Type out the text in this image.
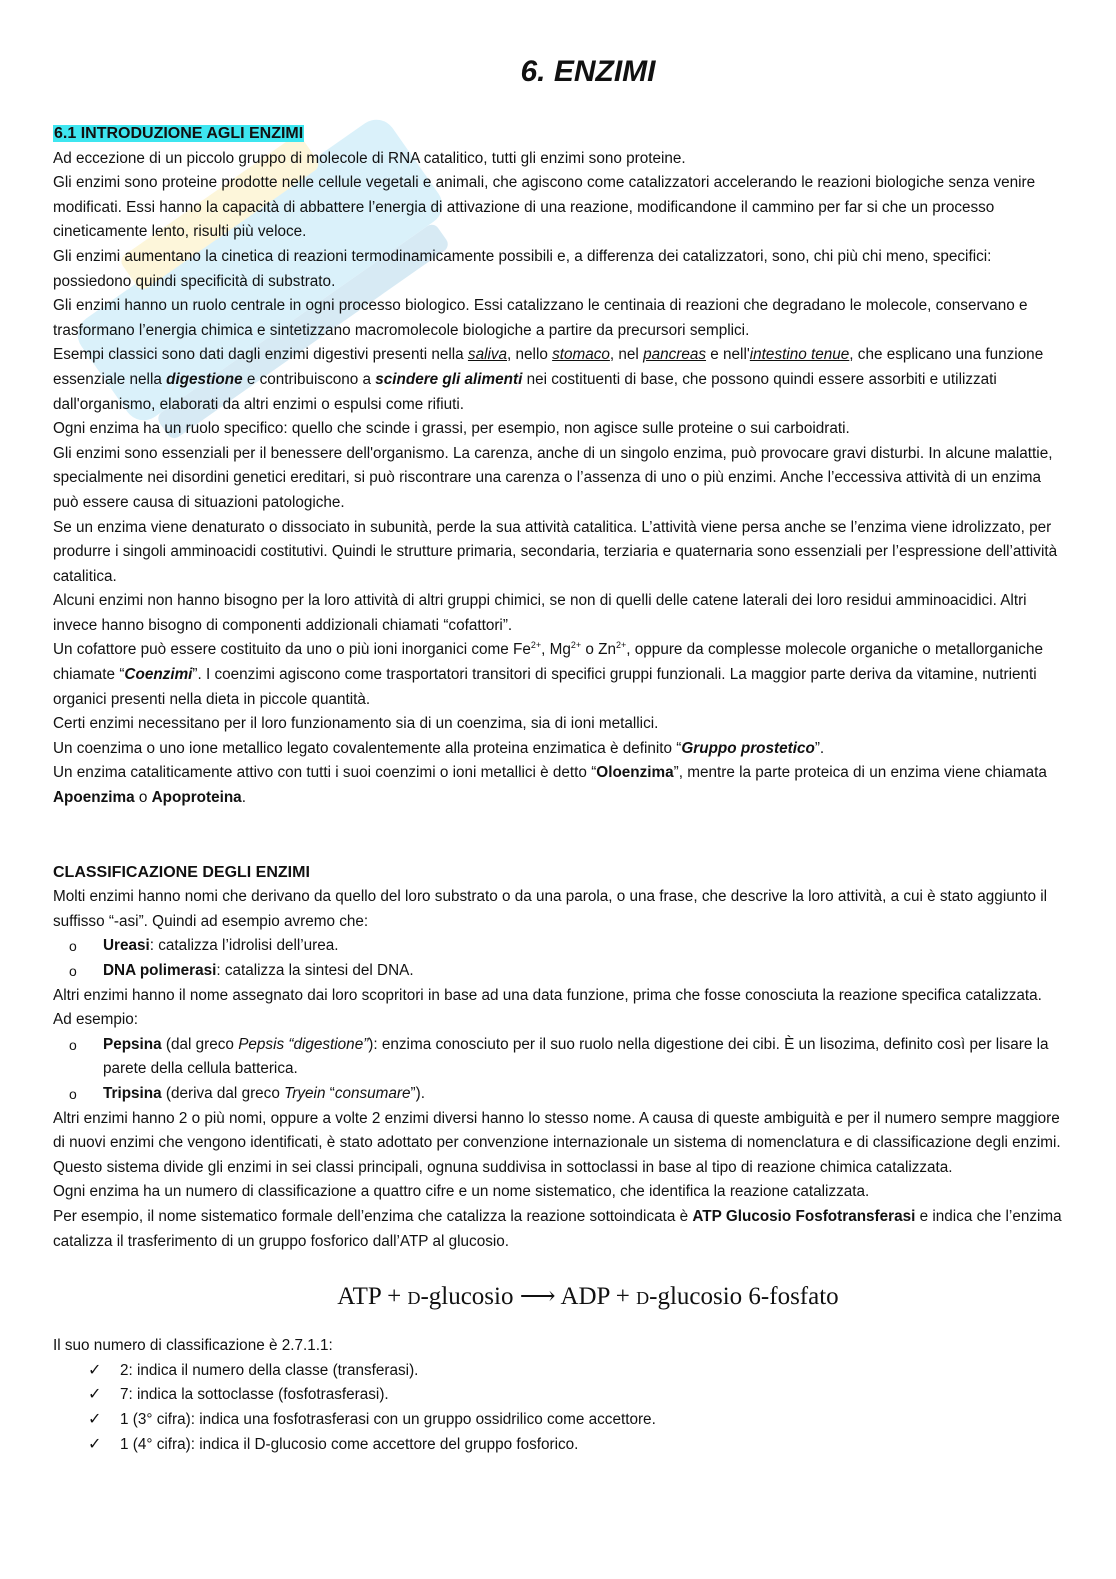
6. ENZIMI
6.1 INTRODUZIONE AGLI ENZIMI

Ad eccezione di un piccolo gruppo di molecole di RNA catalitico, tutti gli enzimi sono proteine.

Gli enzimi sono proteine prodotte nelle cellule vegetali e animali, che agiscono come catalizzatori accelerando le reazioni biologiche senza venire modificati. Essi hanno la capacità di abbattere l’energia di attivazione di una reazione, modificandone il cammino per far si che un processo cineticamente lento, risulti più veloce.

Gli enzimi aumentano la cinetica di reazioni termodinamicamente possibili e, a differenza dei catalizzatori, sono, chi più chi meno, specifici: possiedono quindi specificità di substrato.

Gli enzimi hanno un ruolo centrale in ogni processo biologico. Essi catalizzano le centinaia di reazioni che degradano le molecole, conservano e trasformano l’energia chimica e sintetizzano macromolecole biologiche a partire da precursori semplici.

Esempi classici sono dati dagli enzimi digestivi presenti nella saliva, nello stomaco, nel pancreas e nell'intestino tenue, che esplicano una funzione essenziale nella digestione e contribuiscono a scindere gli alimenti nei costituenti di base, che possono quindi essere assorbiti e utilizzati dall'organismo, elaborati da altri enzimi o espulsi come rifiuti.

Ogni enzima ha un ruolo specifico: quello che scinde i grassi, per esempio, non agisce sulle proteine o sui carboidrati.

Gli enzimi sono essenziali per il benessere dell'organismo. La carenza, anche di un singolo enzima, può provocare gravi disturbi. In alcune malattie, specialmente nei disordini genetici ereditari, si può riscontrare una carenza o l’assenza di uno o più enzimi. Anche l’eccessiva attività di un enzima può essere causa di situazioni patologiche.

Se un enzima viene denaturato o dissociato in subunità, perde la sua attività catalitica. L’attività viene persa anche se l’enzima viene idrolizzato, per produrre i singoli amminoacidi costitutivi. Quindi le strutture primaria, secondaria, terziaria e quaternaria sono essenziali per l’espressione dell’attività catalitica.

Alcuni enzimi non hanno bisogno per la loro attività di altri gruppi chimici, se non di quelli delle catene laterali dei loro residui amminoacidici. Altri invece hanno bisogno di componenti addizionali chiamati “cofattori”.

Un cofattore può essere costituito da uno o più ioni inorganici come $Fe^{2+}$, $Mg^{2+}$ o $Zn^{2+}$, oppure da complesse molecole organiche o metallorganiche chiamate “Coenzimi”. I coenzimi agiscono come trasportatori transitori di specifici gruppi funzionali. La maggior parte deriva da vitamine, nutrienti organici presenti nella dieta in piccole quantità.

Certi enzimi necessitano per il loro funzionamento sia di un coenzima, sia di ioni metallici.

Un coenzima o uno ione metallico legato covalentemente alla proteina enzimatica è definito “Gruppo prostetico”.

Un enzima cataliticamente attivo con tutti i suoi coenzimi o ioni metallici è detto “Oloenzima”, mentre la parte proteica di un enzima viene chiamata Apoenzima o Apoproteina.

CLASSIFICAZIONE DEGLI ENZIMI

Molti enzimi hanno nomi che derivano da quello del loro substrato o da una parola, o una frase, che descrive la loro attività, a cui è stato aggiunto il suffisso “-asi”. Quindi ad esempio avremo che:

o Ureasi: catalizza l’idrolisi dell’urea.
o DNA polimerasi: catalizza la sintesi del DNA.

Altri enzimi hanno il nome assegnato dai loro scopritori in base ad una data funzione, prima che fosse conosciuta la reazione specifica catalizzata. Ad esempio:

o Pepsina (dal greco Pepsis “digestione”): enzima conosciuto per il suo ruolo nella digestione dei cibi. È un lisozima, definito così per lisare la parete della cellula batterica.
o Tripsina (deriva dal greco Tryein “consumare”).

Altri enzimi hanno 2 o più nomi, oppure a volte 2 enzimi diversi hanno lo stesso nome. A causa di queste ambiguità e per il numero sempre maggiore di nuovi enzimi che vengono identificati, è stato adottato per convenzione internazionale un sistema di nomenclatura e di classificazione degli enzimi.

Questo sistema divide gli enzimi in sei classi principali, ognuna suddivisa in sottoclassi in base al tipo di reazione chimica catalizzata.

Ogni enzima ha un numero di classificazione a quattro cifre e un nome sistematico, che identifica la reazione catalizzata.

Per esempio, il nome sistematico formale dell’enzima che catalizza la reazione sottoindicata è ATP Glucosio Fosfotransferasi e indica che l’enzima catalizza il trasferimento di un gruppo fosforico dall’ATP al glucosio.

ATP + d-glucosio ⟶ ADP + d-glucosio 6-fosfato

Il suo numero di classificazione è 2.7.1.1:

✓ 2: indica il numero della classe (transferasi).
✓ 7: indica la sottoclasse (fosfotrasferasi).
✓ 1 (3° cifra): indica una fosfotrasferasi con un gruppo ossidrilico come accettore.
✓ 1 (4° cifra): indica il D-glucosio come accettore del gruppo fosforico.
